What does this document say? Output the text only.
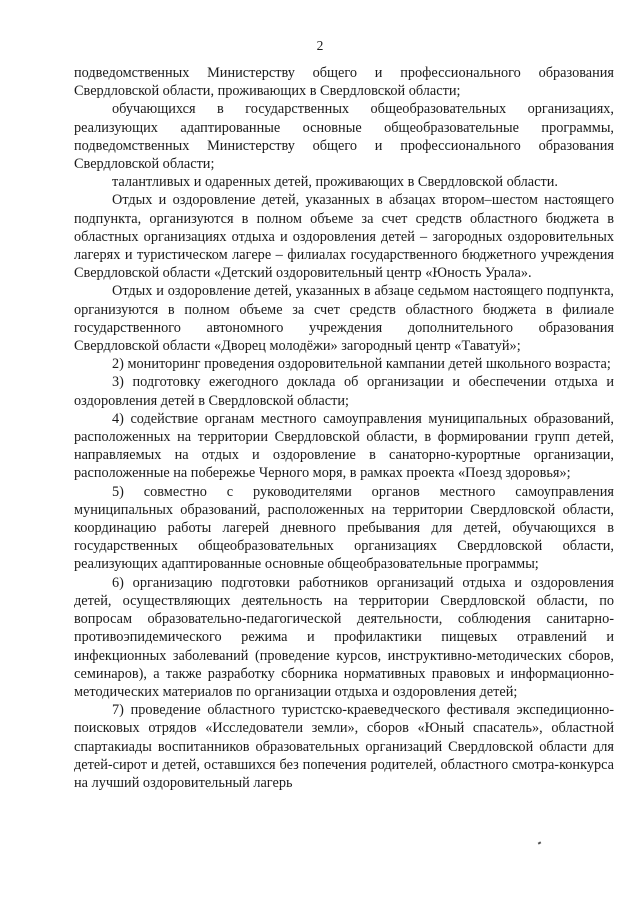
2

подведомственных Министерству общего и профессионального образования Свердловской области, проживающих в Свердловской области;

обучающихся в государственных общеобразовательных организациях, реализующих адаптированные основные общеобразовательные программы, подведомственных Министерству общего и профессионального образования Свердловской области;

талантливых и одаренных детей, проживающих в Свердловской области.

Отдых и оздоровление детей, указанных в абзацах втором–шестом настоящего подпункта, организуются в полном объеме за счет средств областного бюджета в областных организациях отдыха и оздоровления детей – загородных оздоровительных лагерях и туристическом лагере – филиалах государственного бюджетного учреждения Свердловской области «Детский оздоровительный центр «Юность Урала».

Отдых и оздоровление детей, указанных в абзаце седьмом настоящего подпункта, организуются в полном объеме за счет средств областного бюджета в филиале государственного автономного учреждения дополнительного образования Свердловской области «Дворец молодёжи» загородный центр «Таватуй»;

2) мониторинг проведения оздоровительной кампании детей школьного возраста;

3) подготовку ежегодного доклада об организации и обеспечении отдыха и оздоровления детей в Свердловской области;

4) содействие органам местного самоуправления муниципальных образований, расположенных на территории Свердловской области, в формировании групп детей, направляемых на отдых и оздоровление в санаторно-курортные организации, расположенные на побережье Черного моря, в рамках проекта «Поезд здоровья»;

5) совместно с руководителями органов местного самоуправления муниципальных образований, расположенных на территории Свердловской области, координацию работы лагерей дневного пребывания для детей, обучающихся в государственных общеобразовательных организациях Свердловской области, реализующих адаптированные основные общеобразовательные программы;

6) организацию подготовки работников организаций отдыха и оздоровления детей, осуществляющих деятельность на территории Свердловской области, по вопросам образовательно-педагогической деятельности, соблюдения санитарно-противоэпидемического режима и профилактики пищевых отравлений и инфекционных заболеваний (проведение курсов, инструктивно-методических сборов, семинаров), а также разработку сборника нормативных правовых и информационно-методических материалов по организации отдыха и оздоровления детей;

7) проведение областного туристско-краеведческого фестиваля экспедиционно-поисковых отрядов «Исследователи земли», сборов «Юный спасатель», областной спартакиады воспитанников образовательных организаций Свердловской области для детей-сирот и детей, оставшихся без попечения родителей, областного смотра-конкурса на лучший оздоровительный лагерь
